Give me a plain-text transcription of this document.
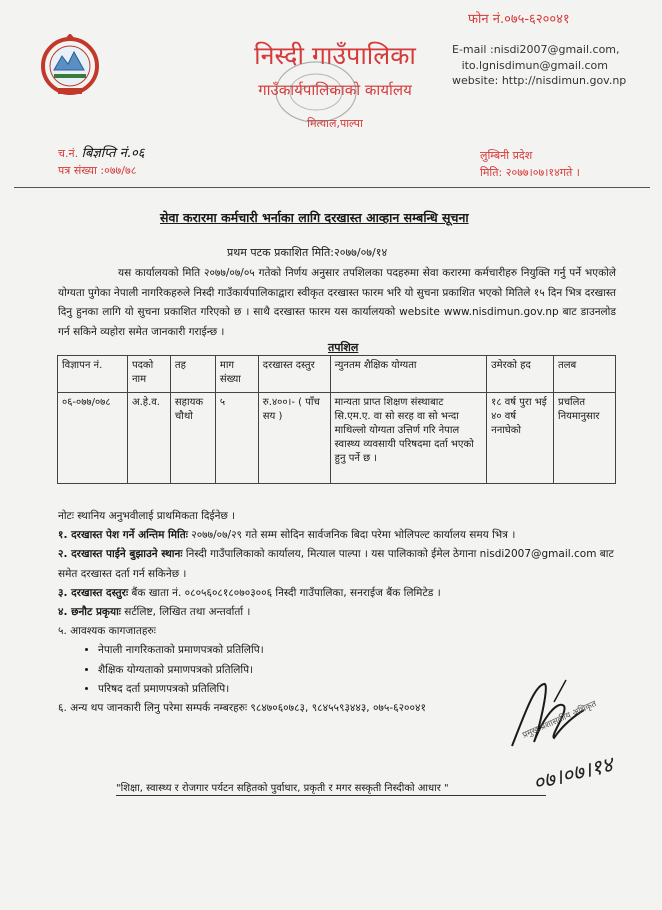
निस्दी गाउँपालिका
गाउँकार्यपालिकाको कार्यालय
मित्याल,पाल्पा
फोन नं.०७५-६२००४१
E-mail :nisdi2007@gmail.com,
ito.lgnisdimun@gmail.com
website: http://nisdimun.gov.np
च.नं. बिज्ञप्ति नं.०६
पत्र संख्या :०७७/७८
लुम्बिनी प्रदेश
मिति: २०७७।०७।१४गते ।
सेवा करारमा कर्मचारी भर्नाका लागि दरखास्त आव्हान सम्बन्धि सूचना
प्रथम पटक प्रकाशित मिति:२०७७/०७/१४
यस कार्यालयको मिति २०७७/०७/०५ गतेको निर्णय अनुसार तपशिलका पदहरुमा सेवा करारमा कर्मचारीहरु नियुक्ति गर्नु पर्ने भएकोले योग्यता पुगेका नेपाली नागरिकहरुले निस्दी गाउँकार्यपालिकाद्वारा स्वीकृत दरखास्त फारम भरि यो सुचना प्रकाशित भएको मितिले १५ दिन भित्र दरखास्त दिनु हुनका लागि यो सुचना प्रकाशित गरिएको छ । साथै दरखास्त फारम यस कार्यालयको website www.nisdimun.gov.np बाट डाउनलोड गर्न सकिने व्यहोरा समेत जानकारी गराईन्छ ।
तपशिल
विज्ञापन नं.	पदको नाम	तह	माग संख्या	दरखास्त दस्तुर	न्युनतम शैक्षिक योग्यता	उमेरको हद	तलब
०६-०७७/०७८	अ.हे.व.	सहायक चौथो	५	रु.४००।- ( पाँच सय )	मान्यता प्राप्त शिक्षण संस्थाबाट सि.एम.ए. वा सो सरह वा सो भन्दा माथिल्लो योग्यता उत्तिर्ण गरि नेपाल स्वास्थ्य व्यवसायी परिषदमा दर्ता भएको हुनु पर्ने छ ।	१८ वर्ष पुरा भई ४० वर्ष ननाघेको	प्रचलित नियमानुसार

नोटः स्थानिय अनुभवीलाई प्राथमिकता दिईनेछ ।

१. दरखास्त पेश गर्ने अन्तिम मितिः २०७७/०७/२९ गते सम्म सोदिन सार्वजनिक बिदा परेमा भोलिपल्ट कार्यालय समय भित्र ।

२. दरखास्त पाईने बुझाउने स्थानः निस्दी गाउँपालिकाको कार्यालय, मित्याल पाल्पा । यस पालिकाको ईमेल ठेगाना nisdi2007@gmail.com बाट समेत दरखास्त दर्ता गर्न सकिनेछ ।

३. दरखास्त दस्तुरः बैंक खाता नं. ०८०५६०८१८०७०३००६ निस्दी गाउँपालिका, सनराईज बैंक लिमिटेड ।

४. छनौट प्रकृयाः सर्टलिष्ट, लिखित तथा अन्तर्वार्ता ।

५. आवश्यक कागजातहरुः

• नेपाली नागरिकताको प्रमाणपत्रको प्रतिलिपि।
• शैक्षिक योग्यताको प्रमाणपत्रको प्रतिलिपि।
• परिषद दर्ता प्रमाणपत्रको प्रतिलिपि।

६. अन्य थप जानकारी लिनु परेमा सम्पर्क नम्बरहरुः ९८४७०६०७८३, ९८४५५९३४४३, ०७५-६२००४१	प्रमुख प्रशासकीय अधिकृत
"शिक्षा, स्वास्थ्य र रोजगार पर्यटन सहितको पुर्वाधार, प्रकृती र मगर सस्कृती निस्दीको आधार "	०७।०७।१४
